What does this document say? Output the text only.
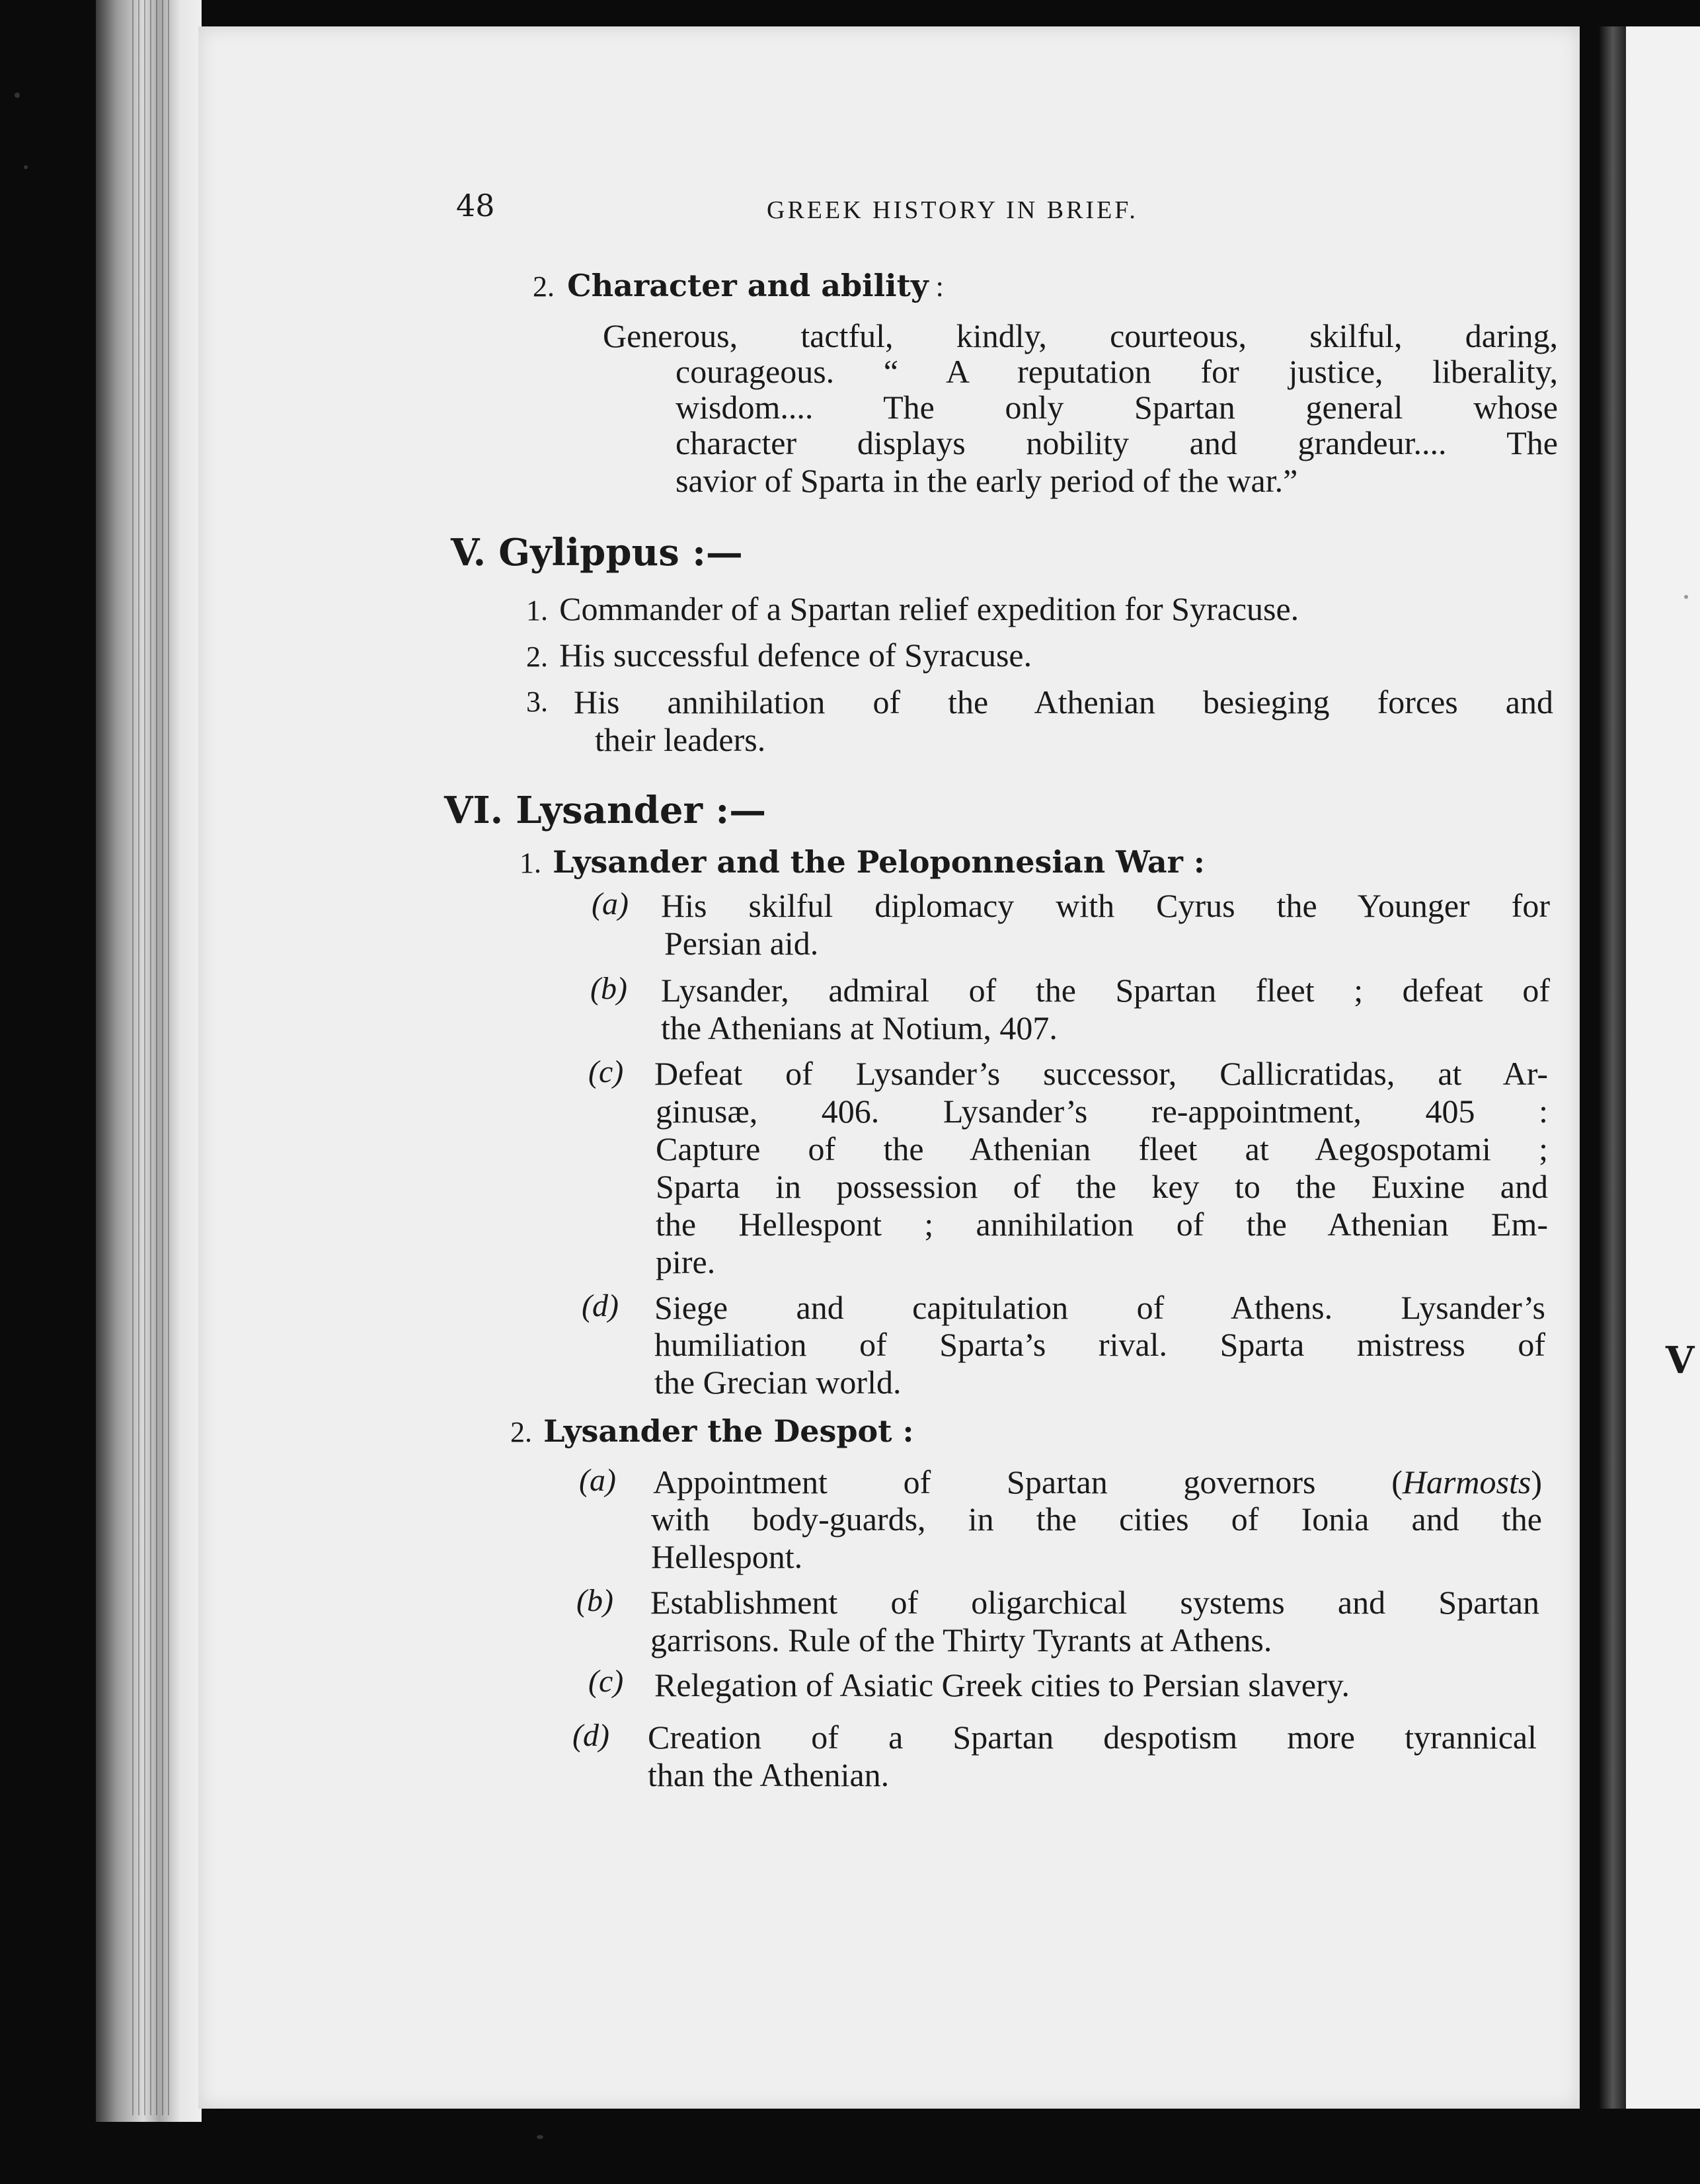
V
48	GREEK HISTORY IN BRIEF.
2. Character and ability :
Generous, tactful, kindly, courteous, skilful, daring,
courageous. “ A reputation for justice, liberality,
wisdom.... The only Spartan general whose
character displays nobility and grandeur.... The
savior of Sparta in the early period of the war.”
V. Gylippus :—
1. Commander of a Spartan relief expedition for Syracuse.
2. His successful defence of Syracuse.
3. His annihilation of the Athenian besieging forces and
their leaders.
VI. Lysander :—
1. Lysander and the Peloponnesian War :
(a) His skilful diplomacy with Cyrus the Younger for
Persian aid.
(b) Lysander, admiral of the Spartan fleet ; defeat of
the Athenians at Notium, 407.
(c) Defeat of Lysander’s successor, Callicratidas, at Ar-
ginusæ, 406. Lysander’s re-appointment, 405 :
Capture of the Athenian fleet at Aegospotami ;
Sparta in possession of the key to the Euxine and
the Hellespont ; annihilation of the Athenian Em-
pire.
(d) Siege and capitulation of Athens. Lysander’s
humiliation of Sparta’s rival. Sparta mistress of
the Grecian world.
2. Lysander the Despot :
(a) Appointment of Spartan governors (Harmosts)
with body-guards, in the cities of Ionia and the
Hellespont.
(b) Establishment of oligarchical systems and Spartan
garrisons. Rule of the Thirty Tyrants at Athens.
(c) Relegation of Asiatic Greek cities to Persian slavery.
(d) Creation of a Spartan despotism more tyrannical
than the Athenian.
